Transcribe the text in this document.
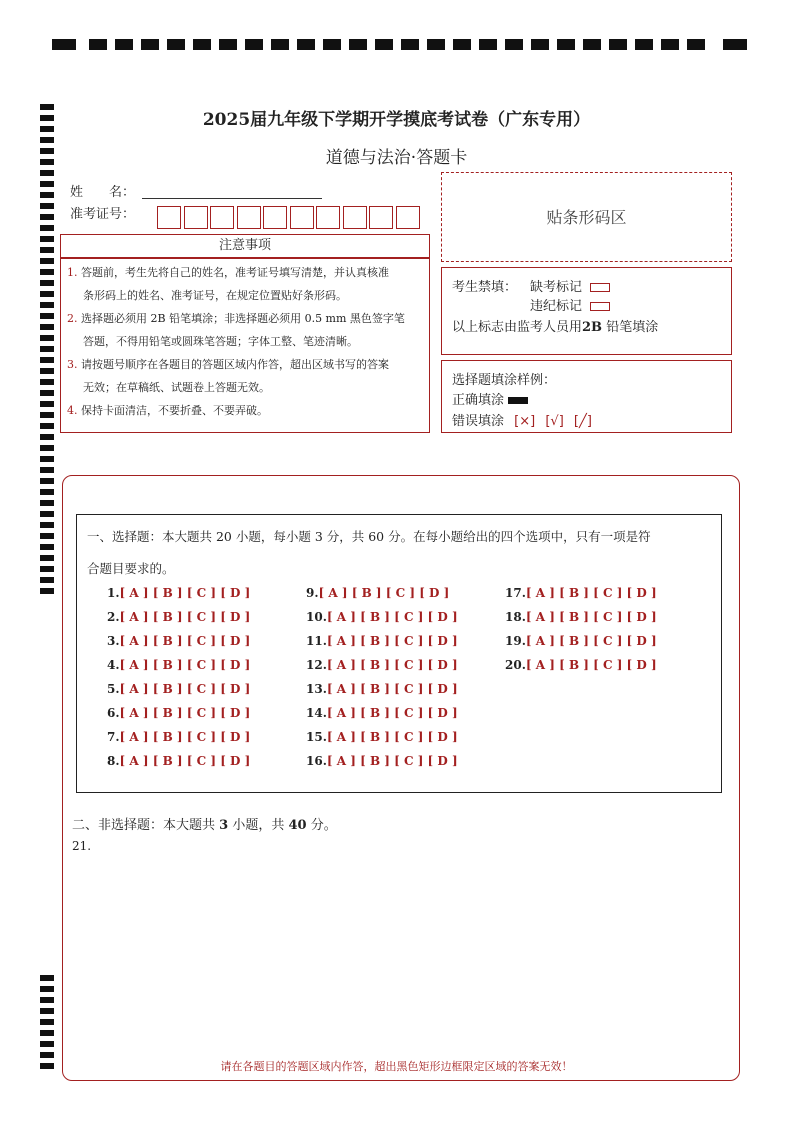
2025届九年级下学期开学摸底考试卷（广东专用）
道德与法治·答题卡
姓　　名：
准考证号：	贴条形码区
注意事项
1. 答题前，考生先将自己的姓名，准考证号填写清楚，并认真核准
条形码上的姓名、准考证号，在规定位置贴好条形码。
2. 选择题必须用 2B 铅笔填涂；非选择题必须用 0.5 mm 黑色签字笔
答题，不得用铅笔或圆珠笔答题；字体工整、笔迹清晰。
3. 请按题号顺序在各题目的答题区域内作答，超出区域书写的答案
无效；在草稿纸、试题卷上答题无效。
4. 保持卡面清洁，不要折叠、不要弄破。
考生禁填： 缺考标记
违纪标记
以上标志由监考人员用2B 铅笔填涂
选择题填涂样例：
正确填涂
错误填涂 [×] [√] [╱]
一、选择题：本大题共 20 小题，每小题 3 分，共 60 分。在每小题给出的四个选项中，只有一项是符
合题目要求的。
1.[ A ] [ B ] [ C ] [ D ]
2.[ A ] [ B ] [ C ] [ D ]
3.[ A ] [ B ] [ C ] [ D ]
4.[ A ] [ B ] [ C ] [ D ]
5.[ A ] [ B ] [ C ] [ D ]
6.[ A ] [ B ] [ C ] [ D ]
7.[ A ] [ B ] [ C ] [ D ]
8.[ A ] [ B ] [ C ] [ D ]
9.[ A ] [ B ] [ C ] [ D ]
10.[ A ] [ B ] [ C ] [ D ]
11.[ A ] [ B ] [ C ] [ D ]
12.[ A ] [ B ] [ C ] [ D ]
13.[ A ] [ B ] [ C ] [ D ]
14.[ A ] [ B ] [ C ] [ D ]
15.[ A ] [ B ] [ C ] [ D ]
16.[ A ] [ B ] [ C ] [ D ]
17.[ A ] [ B ] [ C ] [ D ]
18.[ A ] [ B ] [ C ] [ D ]
19.[ A ] [ B ] [ C ] [ D ]
20.[ A ] [ B ] [ C ] [ D ]
二、非选择题：本大题共 3 小题，共 40 分。
21.
请在各题目的答题区域内作答，超出黑色矩形边框限定区域的答案无效！
